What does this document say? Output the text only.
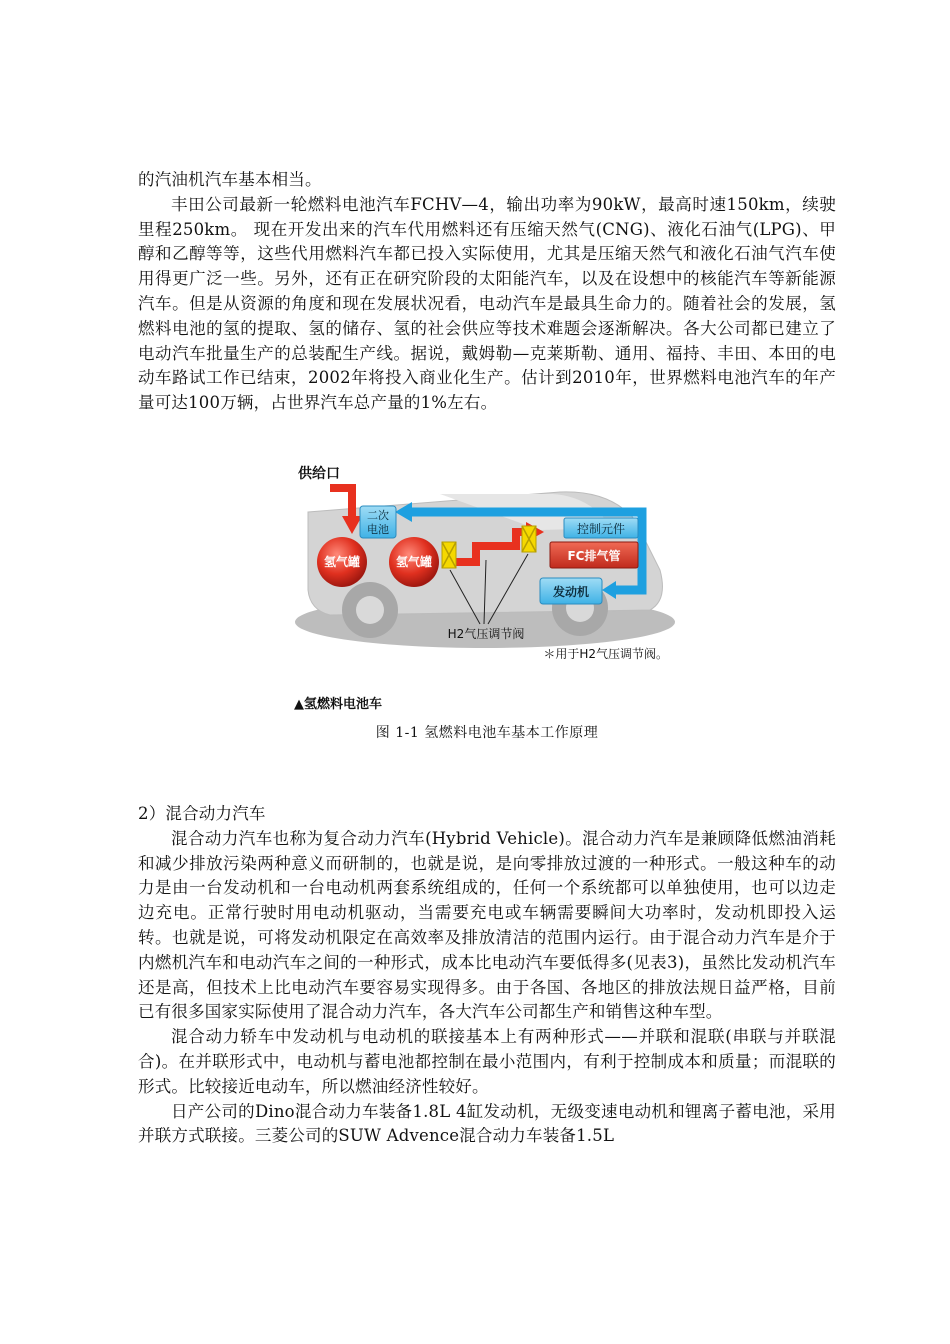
的汽油机汽车基本相当。

丰田公司最新一轮燃料电池汽车FCHV—4，输出功率为90kW，最高时速150km，续驶里程250km。 现在开发出来的汽车代用燃料还有压缩天然气(CNG)、液化石油气(LPG)、甲醇和乙醇等等，这些代用燃料汽车都已投入实际使用，尤其是压缩天然气和液化石油气汽车使用得更广泛一些。另外，还有正在研究阶段的太阳能汽车，以及在设想中的核能汽车等新能源汽车。但是从资源的角度和现在发展状况看，电动汽车是最具生命力的。随着社会的发展，氢燃料电池的氢的提取、氢的储存、氢的社会供应等技术难题会逐渐解决。各大公司都已建立了电动汽车批量生产的总装配生产线。据说，戴姆勒—克莱斯勒、通用、福持、丰田、本田的电动车路试工作已结束，2002年将投入商业化生产。估计到2010年，世界燃料电池汽车的年产量可达100万辆，占世界汽车总产量的1%左右。

二次
电池
氢气罐	氢气罐
控制元件
FC排气管
发动机
供给口
H2气压调节阀
＊用于H2气压调节阀。
▲氢燃料电池车
图 1-1 氢燃料电池车基本工作原理

2）混合动力汽车

混合动力汽车也称为复合动力汽车(Hybrid Vehicle)。混合动力汽车是兼顾降低燃油消耗和减少排放污染两种意义而研制的，也就是说，是向零排放过渡的一种形式。一般这种车的动力是由一台发动机和一台电动机两套系统组成的，任何一个系统都可以单独使用，也可以边走边充电。正常行驶时用电动机驱动，当需要充电或车辆需要瞬间大功率时，发动机即投入运转。也就是说，可将发动机限定在高效率及排放清洁的范围内运行。由于混合动力汽车是介于内燃机汽车和电动汽车之间的一种形式，成本比电动汽车要低得多(见表3)，虽然比发动机汽车还是高，但技术上比电动汽车要容易实现得多。由于各国、各地区的排放法规日益严格，目前已有很多国家实际使用了混合动力汽车，各大汽车公司都生产和销售这种车型。

混合动力轿车中发动机与电动机的联接基本上有两种形式——并联和混联(串联与并联混合)。在并联形式中，电动机与蓄电池都控制在最小范围内，有利于控制成本和质量；而混联的形式。比较接近电动车，所以燃油经济性较好。

日产公司的Dino混合动力车装备1.8L 4缸发动机，无级变速电动机和锂离子蓄电池，采用并联方式联接。三菱公司的SUW Advence混合动力车装备1.5L
